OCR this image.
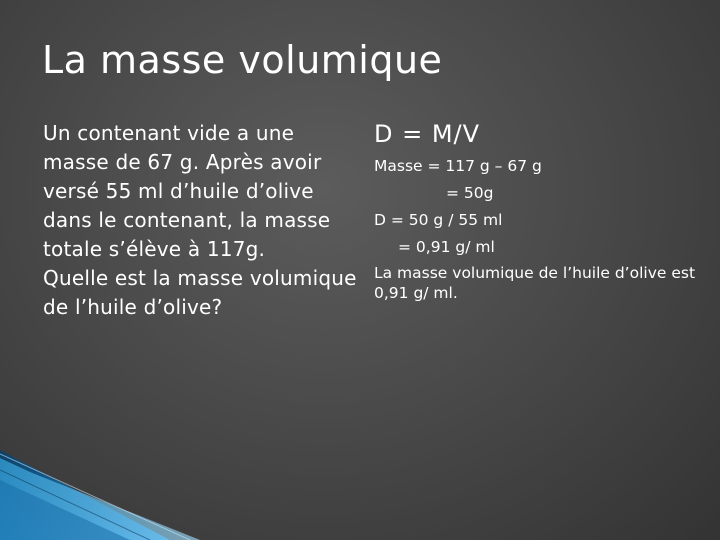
La masse volumique

Un contenant vide a une masse de 67 g. Après avoir versé 55 ml d’huile d’olive dans le contenant, la masse totale s’élève à 117g.

Quelle est la masse volumique de l’huile d’olive?

D = M/V
Masse = 117 g – 67 g
= 50g
D = 50 g / 55 ml
= 0,91 g/ ml
La masse volumique de l’huile d’olive est 0,91 g/ ml.
